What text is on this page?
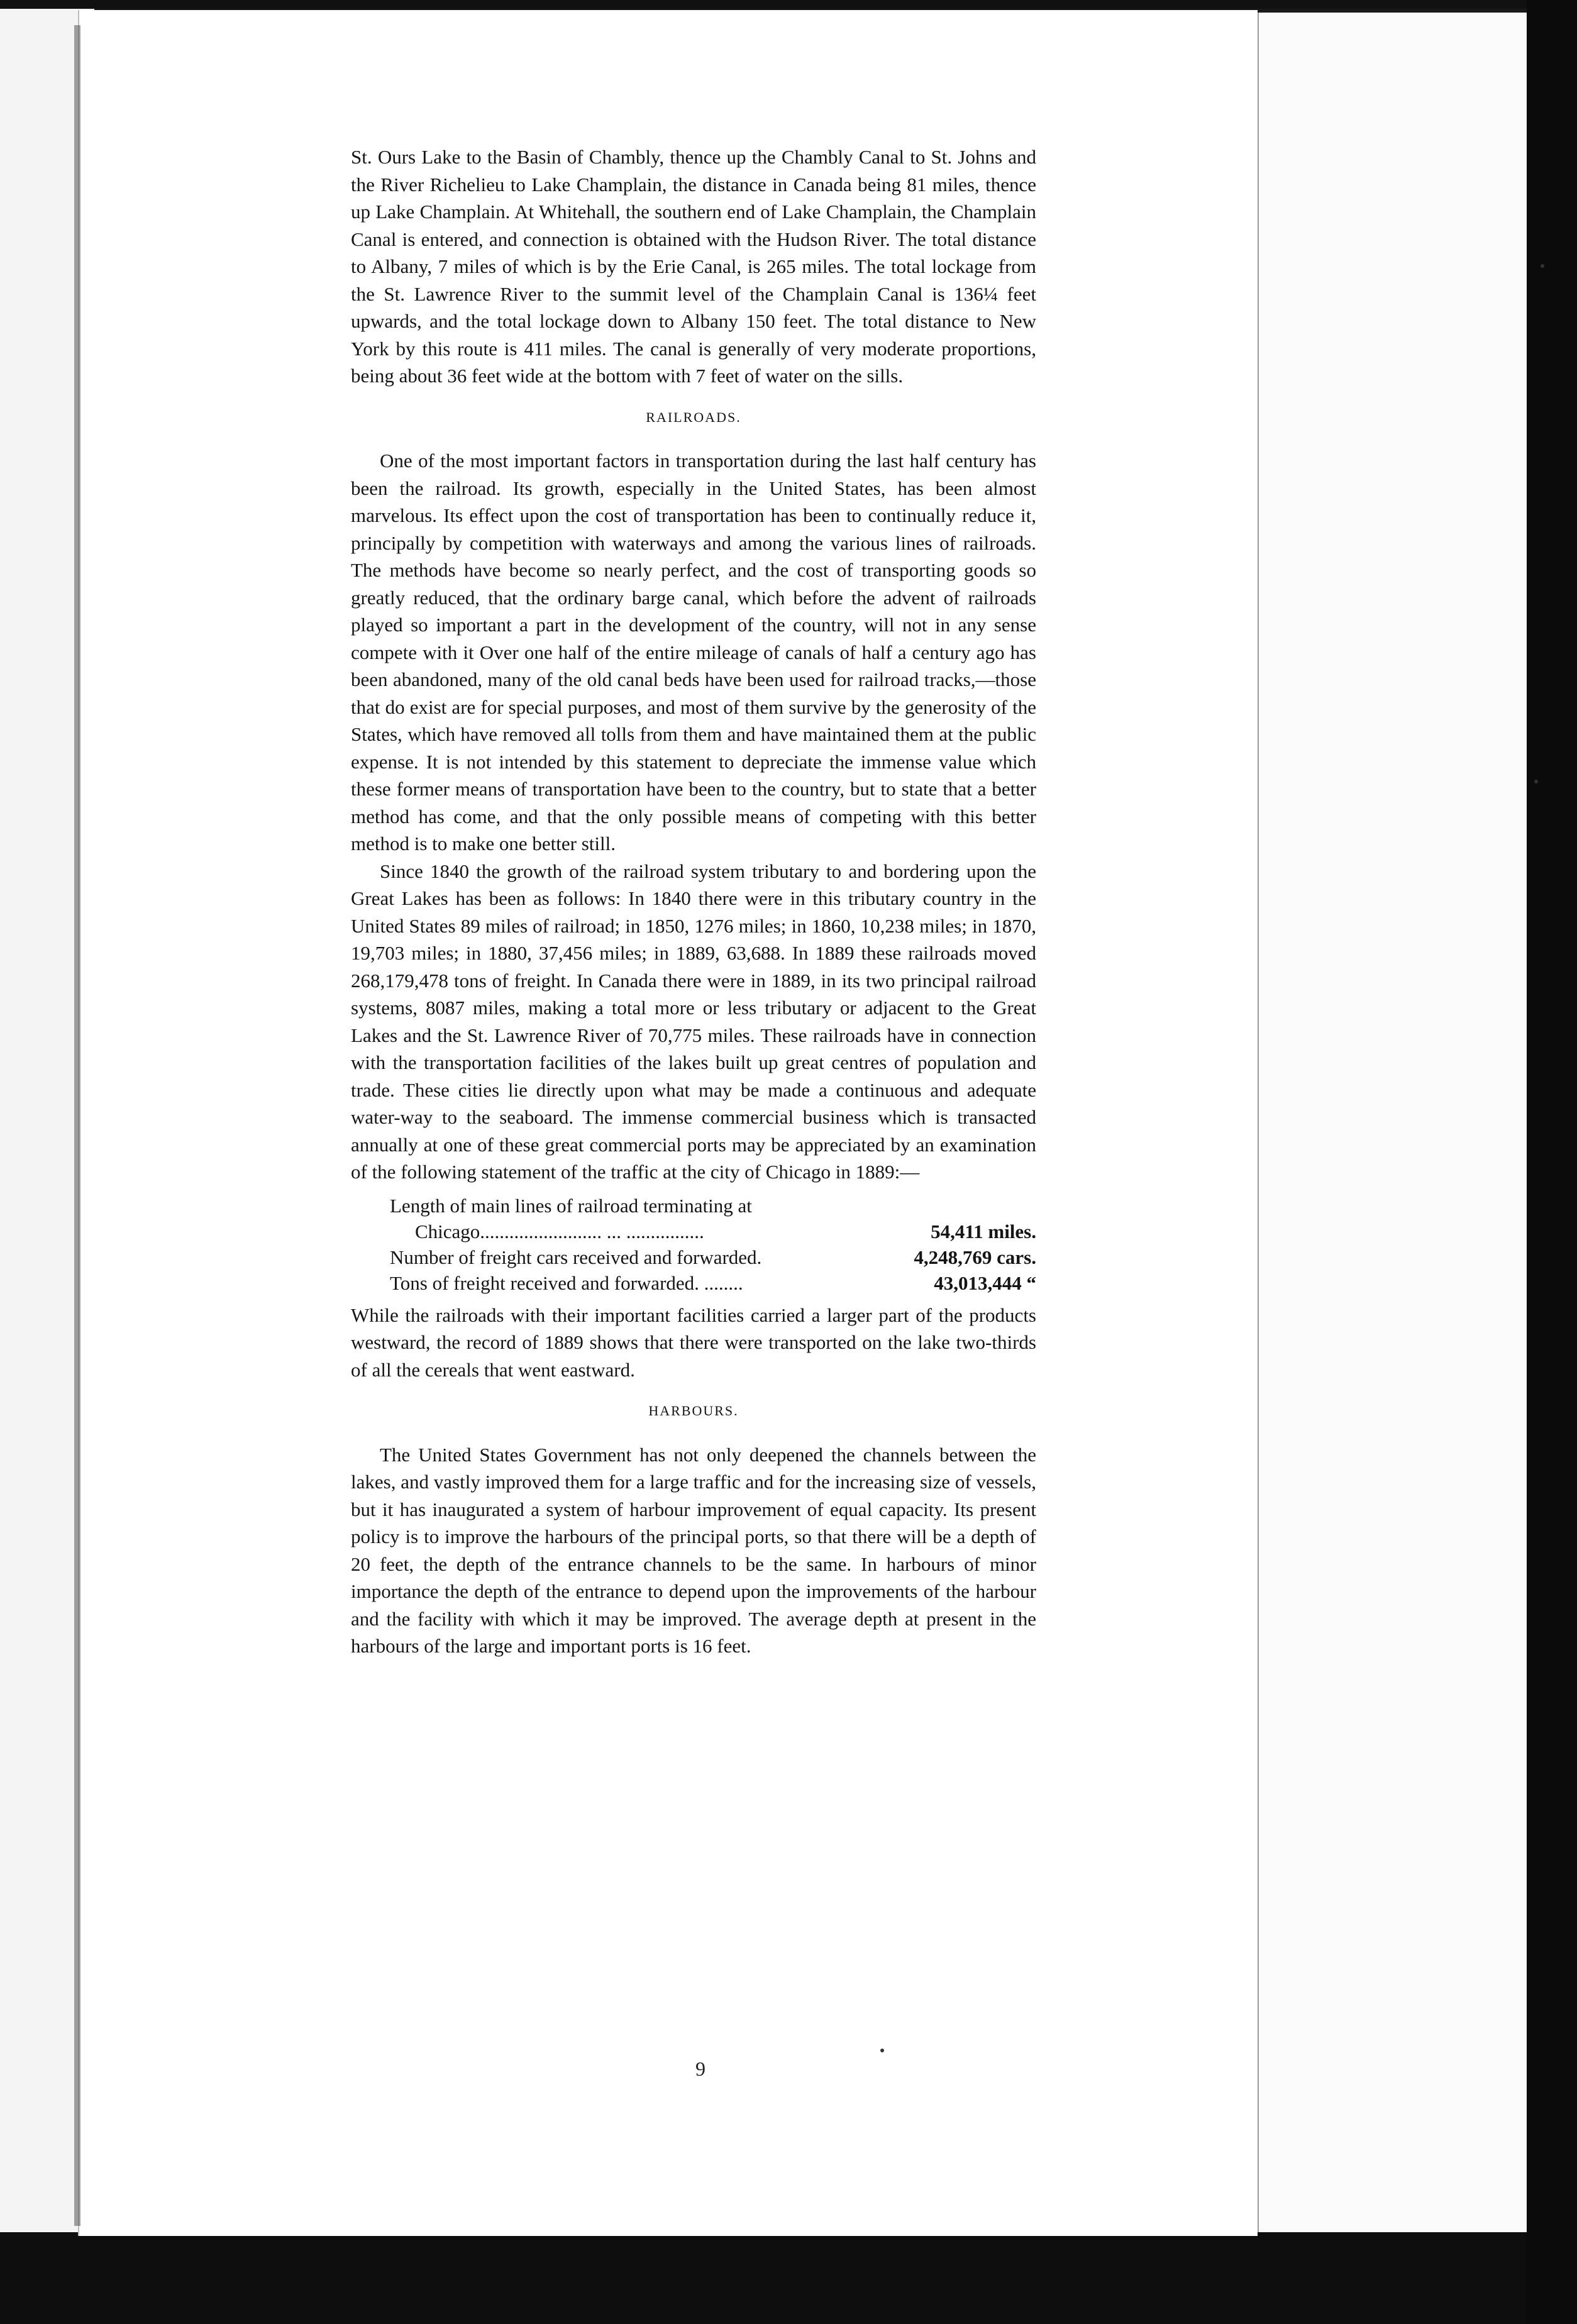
St. Ours Lake to the Basin of Chambly, thence up the Chambly Canal to St. Johns and the River Richelieu to Lake Champlain, the distance in Canada being 81 miles, thence up Lake Champlain. At Whitehall, the southern end of Lake Champlain, the Champlain Canal is entered, and connection is obtained with the Hudson River. The total distance to Albany, 7 miles of which is by the Erie Canal, is 265 miles. The total lockage from the St. Lawrence River to the summit level of the Champlain Canal is 136¼ feet upwards, and the total lockage down to Albany 150 feet. The total distance to New York by this route is 411 miles. The canal is generally of very moderate proportions, being about 36 feet wide at the bottom with 7 feet of water on the sills.

RAILROADS.

One of the most important factors in transportation during the last half century has been the railroad. Its growth, especially in the United States, has been almost marvelous. Its effect upon the cost of transportation has been to continually reduce it, principally by competition with waterways and among the various lines of railroads. The methods have become so nearly perfect, and the cost of transporting goods so greatly reduced, that the ordinary barge canal, which before the advent of railroads played so important a part in the development of the country, will not in any sense compete with it Over one half of the entire mileage of canals of half a century ago has been abandoned, many of the old canal beds have been used for railroad tracks,—those that do exist are for special purposes, and most of them survive by the generosity of the States, which have removed all tolls from them and have maintained them at the public expense. It is not intended by this statement to depreciate the immense value which these former means of transportation have been to the country, but to state that a better method has come, and that the only possible means of competing with this better method is to make one better still.

Since 1840 the growth of the railroad system tributary to and bordering upon the Great Lakes has been as follows: In 1840 there were in this tributary country in the United States 89 miles of railroad; in 1850, 1276 miles; in 1860, 10,238 miles; in 1870, 19,703 miles; in 1880, 37,456 miles; in 1889, 63,688. In 1889 these railroads moved 268,179,478 tons of freight. In Canada there were in 1889, in its two principal railroad systems, 8087 miles, making a total more or less tributary or adjacent to the Great Lakes and the St. Lawrence River of 70,775 miles. These railroads have in connection with the transportation facilities of the lakes built up great centres of population and trade. These cities lie directly upon what may be made a continuous and adequate water-way to the seaboard. The immense commercial business which is transacted annually at one of these great commercial ports may be appreciated by an examination of the following statement of the traffic at the city of Chicago in 1889:—

Length of main lines of railroad terminating at
Chicago......................... ... ................	54,411 miles.
Number of freight cars received and forwarded.	4,248,769 cars.
Tons of freight received and forwarded. ........	43,013,444 “

While the railroads with their important facilities carried a larger part of the products westward, the record of 1889 shows that there were transported on the lake two-thirds of all the cereals that went eastward.

HARBOURS.

The United States Government has not only deepened the channels between the lakes, and vastly improved them for a large traffic and for the increasing size of vessels, but it has inaugurated a system of harbour improvement of equal capacity. Its present policy is to improve the harbours of the principal ports, so that there will be a depth of 20 feet, the depth of the entrance channels to be the same. In harbours of minor importance the depth of the entrance to depend upon the improvements of the harbour and the facility with which it may be improved. The average depth at present in the harbours of the large and important ports is 16 feet.

9
